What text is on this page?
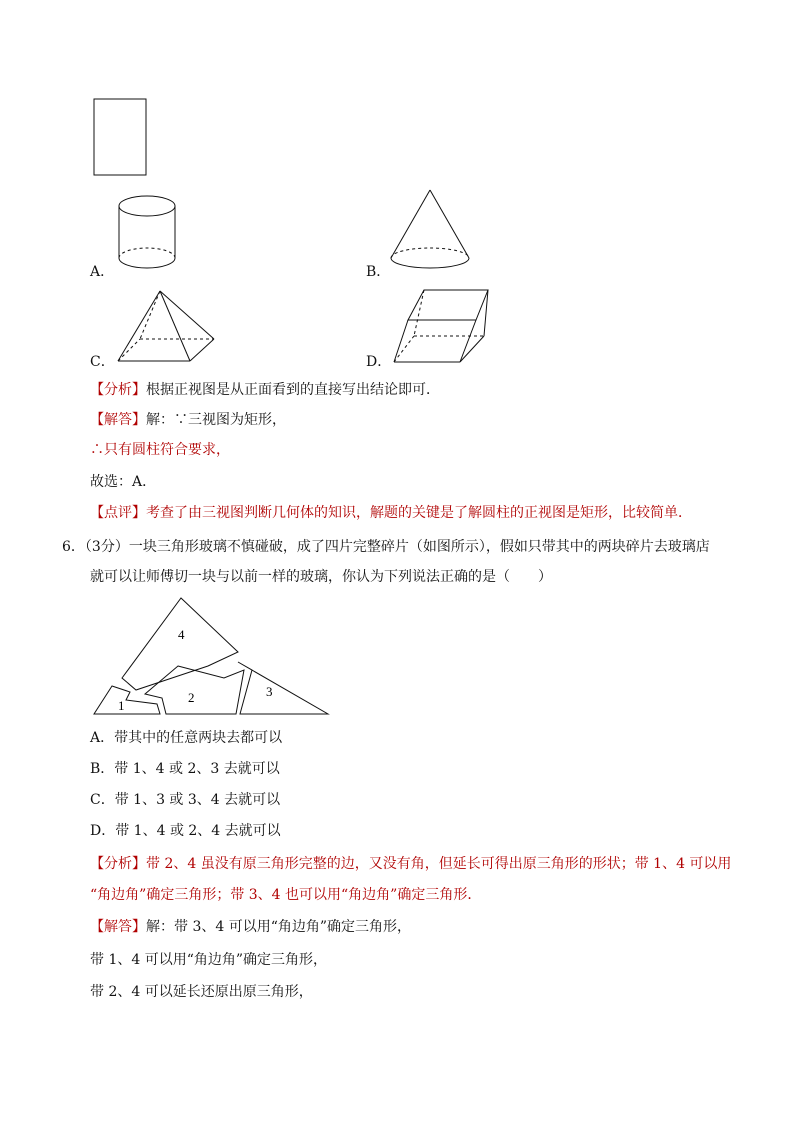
A．	B．
C．	D．
【分析】根据正视图是从正面看到的直接写出结论即可．
【解答】解：∵三视图为矩形，
∴只有圆柱符合要求，
故选：A．
【点评】考查了由三视图判断几何体的知识，解题的关键是了解圆柱的正视图是矩形，比较简单．
6．（3分）一块三角形玻璃不慎碰破，成了四片完整碎片（如图所示），假如只带其中的两块碎片去玻璃店
就可以让师傅切一块与以前一样的玻璃，你认为下列说法正确的是（　　）
4
1
2	3
A．带其中的任意两块去都可以
B．带 1、4 或 2、3 去就可以
C．带 1、3 或 3、4 去就可以
D．带 1、4 或 2、4 去就可以
【分析】带 2、4 虽没有原三角形完整的边，又没有角，但延长可得出原三角形的形状；带 1、4 可以用
“角边角”确定三角形；带 3、4 也可以用“角边角”确定三角形．
【解答】解：带 3、4 可以用“角边角”确定三角形，
带 1、4 可以用“角边角”确定三角形，
带 2、4 可以延长还原出原三角形，
